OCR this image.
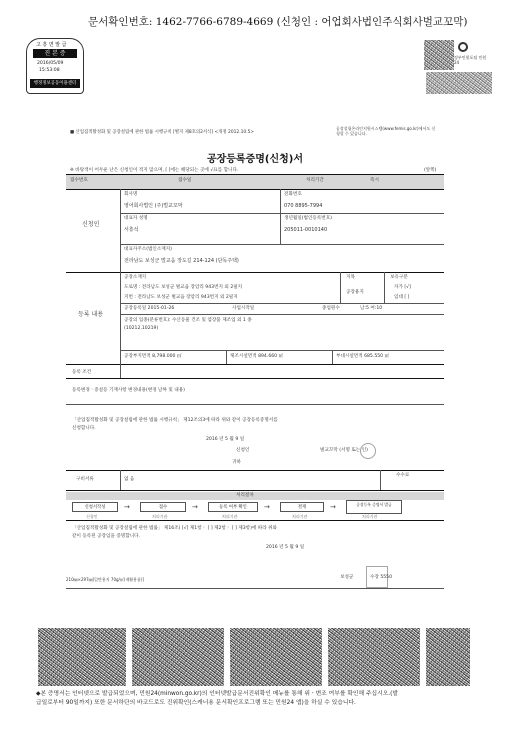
문서확인번호: 1462-7766-6789-4669 (신청인 : 어업회사법인주식회사벌교꼬막)
고 흥 면 발 급
진 본 증
2016/05/09
15:53:08
행정정보공동이용센터
정부민원포털 민원24
■ 산업집적활성화 및 공장설립에 관한 법률 시행규칙 [별지 제8호의2서식] <개정 2012.10.5>
공장설립온라인지원시스템(www.femis.go.kr)에서도 신청할 수 있습니다.
공장등록증명(신청)서
※ 바탕색이 어두운 난은 신청인이 적지 않으며, [ ]에는 해당되는 곳에 √표를 합니다.	(앞쪽)
접수번호	접수일	처리기간	즉시
신청인
회사명
영어회사법인 (주)벌교꼬막
전화번호
070 8895-7994
대표자 성명
서흥석
생년월일(법인등록번호)
205011-0010140
대표자주소(법인소재지)
전라남도 보성군 벌교읍 장도길 214-124 (단독주택)
등록 내용
공장소재지
도로명 : 전라남도 보성군 벌교읍 장암리 943번지 외 2필지
지번 : 전라남도 보성군 벌교읍 장암리 943번지 외 2필지
지목	보유구분
공장용지
자가 [√]
임대 [ ]
공장등록일 2015-01-26	사업시작일	종업원수	남:5 여:10
공장의 업종(분류번호): 수산동물 건조 및 염장품 제조업 외 1 종
(10212,10219)
공장부지면적 8,798.000 ㎡	제조시설면적 894.660 ㎡	부대시설면적 685.550 ㎡
등록 조건
등록변경ㆍ증설등 기재사항 변경내용(변경 날짜 및 내용)
「산업집적활성화 및 공장설립에 관한 법률 시행규칙」 제12조의3에 따라 위와 같이 공장등록증명서를
신청합니다.
2016 년 5 월 9 일
신청인	벌교꼬막 (서명 또는 인)
귀하
구비서류	없 음
수수료
처리절차
신청서작성	→	접수	→	등록 여부 확인	→	결재	→	공장등록 증명서 발급
신청인	처리기관	처리기관	처리기관	처리기관
「산업집적활성화 및 공장설립에 관한 법률」 제16조( [√] 제1항ㆍ [ ] 제2항ㆍ [ ] 제3항)에 따라 위와
같이 등록된 공장임을 증명합니다.
2016 년 5 월 9 일
보성군	수장 5550
210㎜×297㎜[일반용지 70g/㎡(재활용품)]
◆본 증명서는 인터넷으로 발급되었으며, 민원24(minwon.go.kr)의 인터넷발급문서진위확인 메뉴를 통해 위ㆍ변조 여부를 확인해 주십시오.(발
급일로부터 90일까지) 또한 문서하단의 바코드로도 진위확인(스캐너용 문서확인프로그램 또는 민원24 앱)을 하실 수 있습니다.
